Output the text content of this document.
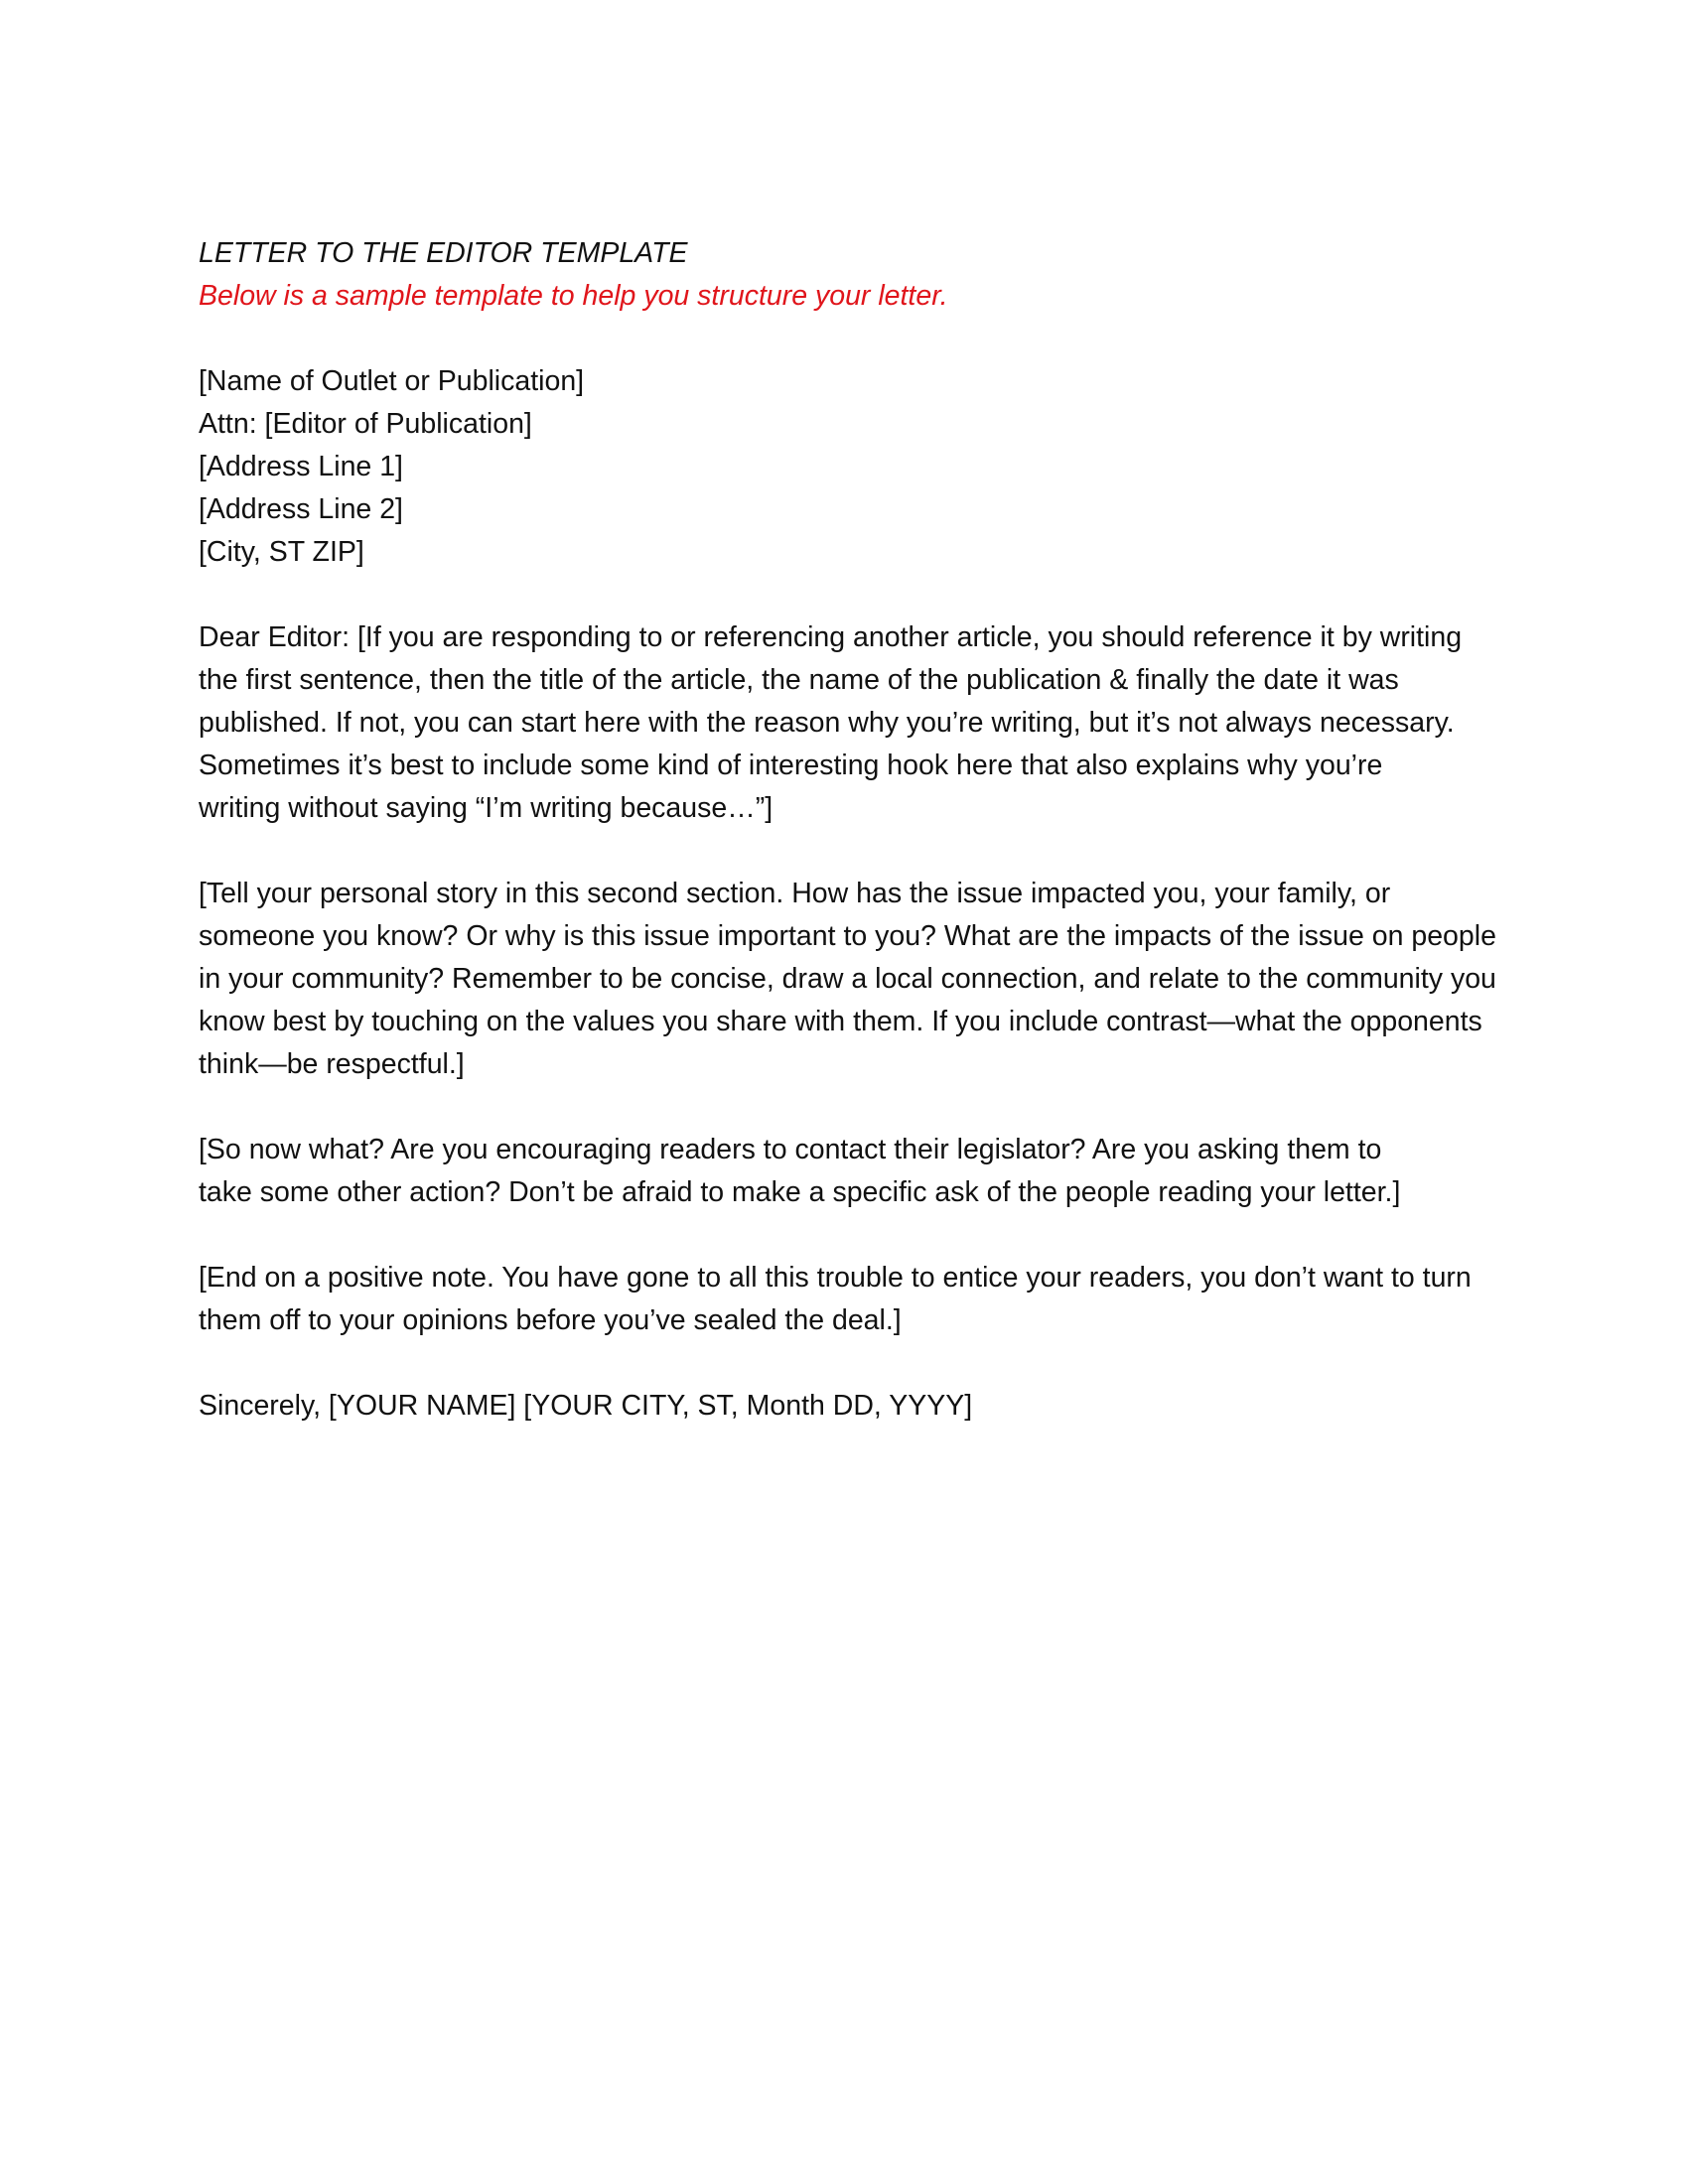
LETTER TO THE EDITOR TEMPLATE
Below is a sample template to help you structure your letter.
[Name of Outlet or Publication]
Attn: [Editor of Publication]
[Address Line 1]
[Address Line 2]
[City, ST ZIP]
Dear Editor: [If you are responding to or referencing another article, you should reference it by writing
the first sentence, then the title of the article, the name of the publication & finally the date it was
published. If not, you can start here with the reason why you’re writing, but it’s not always necessary.
Sometimes it’s best to include some kind of interesting hook here that also explains why you’re
writing without saying “I’m writing because…”]
[Tell your personal story in this second section. How has the issue impacted you, your family, or
someone you know? Or why is this issue important to you? What are the impacts of the issue on people
in your community? Remember to be concise, draw a local connection, and relate to the community you
know best by touching on the values you share with them. If you include contrast—what the opponents
think—be respectful.]
[So now what? Are you encouraging readers to contact their legislator? Are you asking them to
take some other action? Don’t be afraid to make a specific ask of the people reading your letter.]
[End on a positive note. You have gone to all this trouble to entice your readers, you don’t want to turn
them off to your opinions before you’ve sealed the deal.]
Sincerely, [YOUR NAME] [YOUR CITY, ST, Month DD, YYYY]
